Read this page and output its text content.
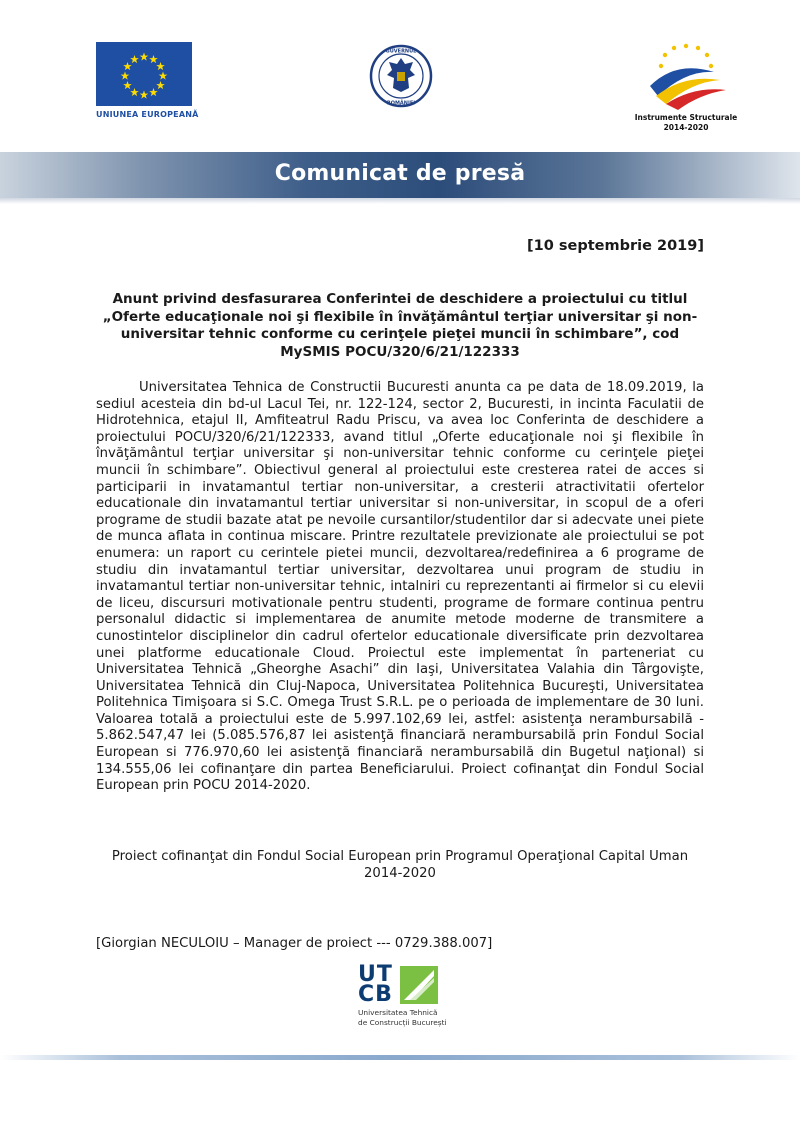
UNIUNEA EUROPEANĂ
GUVERNUL
ROMÂNIEI
Instrumente Structurale
2014-2020
Comunicat de presă
[10 septembrie 2019]
Anunt privind desfasurarea Conferintei de deschidere a proiectului cu titlul „Oferte educaţionale noi şi flexibile în învăţământul terţiar universitar şi non-universitar tehnic conforme cu cerinţele pieţei muncii în schimbare”, cod MySMIS POCU/320/6/21/122333
Universitatea Tehnica de Constructii Bucuresti anunta ca pe data de 18.09.2019, la sediul acesteia din bd-ul Lacul Tei, nr. 122-124, sector 2, Bucuresti, in incinta Faculatii de Hidrotehnica, etajul II, Amfiteatrul Radu Priscu, va avea loc Conferinta de deschidere a proiectului POCU/320/6/21/122333, avand titlul „Oferte educaţionale noi şi flexibile în învăţământul terţiar universitar şi non-universitar tehnic conforme cu cerinţele pieţei muncii în schimbare”. Obiectivul general al proiectului este cresterea ratei de acces si participarii in invatamantul tertiar non-universitar, a cresterii atractivitatii ofertelor educationale din invatamantul tertiar universitar si non-universitar, in scopul de a oferi programe de studii bazate atat pe nevoile cursantilor/studentilor dar si adecvate unei piete de munca aflata in continua miscare. Printre rezultatele previzionate ale proiectului se pot enumera: un raport cu cerintele pietei muncii, dezvoltarea/redefinirea a 6 programe de studiu din invatamantul tertiar universitar, dezvoltarea unui program de studiu in invatamantul tertiar non-universitar tehnic, intalniri cu reprezentanti ai firmelor si cu elevii de liceu, discursuri motivationale pentru studenti, programe de formare continua pentru personalul didactic si implementarea de anumite metode moderne de transmitere a cunostintelor disciplinelor din cadrul ofertelor educationale diversificate prin dezvoltarea unei platforme educationale Cloud. Proiectul este implementat în parteneriat cu Universitatea Tehnică „Gheorghe Asachi” din Iaşi, Universitatea Valahia din Târgovişte, Universitatea Tehnică din Cluj-Napoca, Universitatea Politehnica Bucureşti, Universitatea Politehnica Timişoara si S.C. Omega Trust S.R.L. pe o perioada de implementare de 30 luni. Valoarea totală a proiectului este de 5.997.102,69 lei, astfel: asistenţa nerambursabilă - 5.862.547,47 lei (5.085.576,87 lei asistenţă financiară nerambursabilă prin Fondul Social European si 776.970,60 lei asistenţă financiară nerambursabilă din Bugetul naţional) si 134.555,06 lei cofinanţare din partea Beneficiarului. Proiect cofinanţat din Fondul Social European prin POCU 2014-2020.
Proiect cofinanţat din Fondul Social European prin Programul Operaţional Capital Uman
2014-2020
[Giorgian NECULOIU – Manager de proiect --- 0729.388.007]
UT
CB
Universitatea Tehnică
de Construcții București
